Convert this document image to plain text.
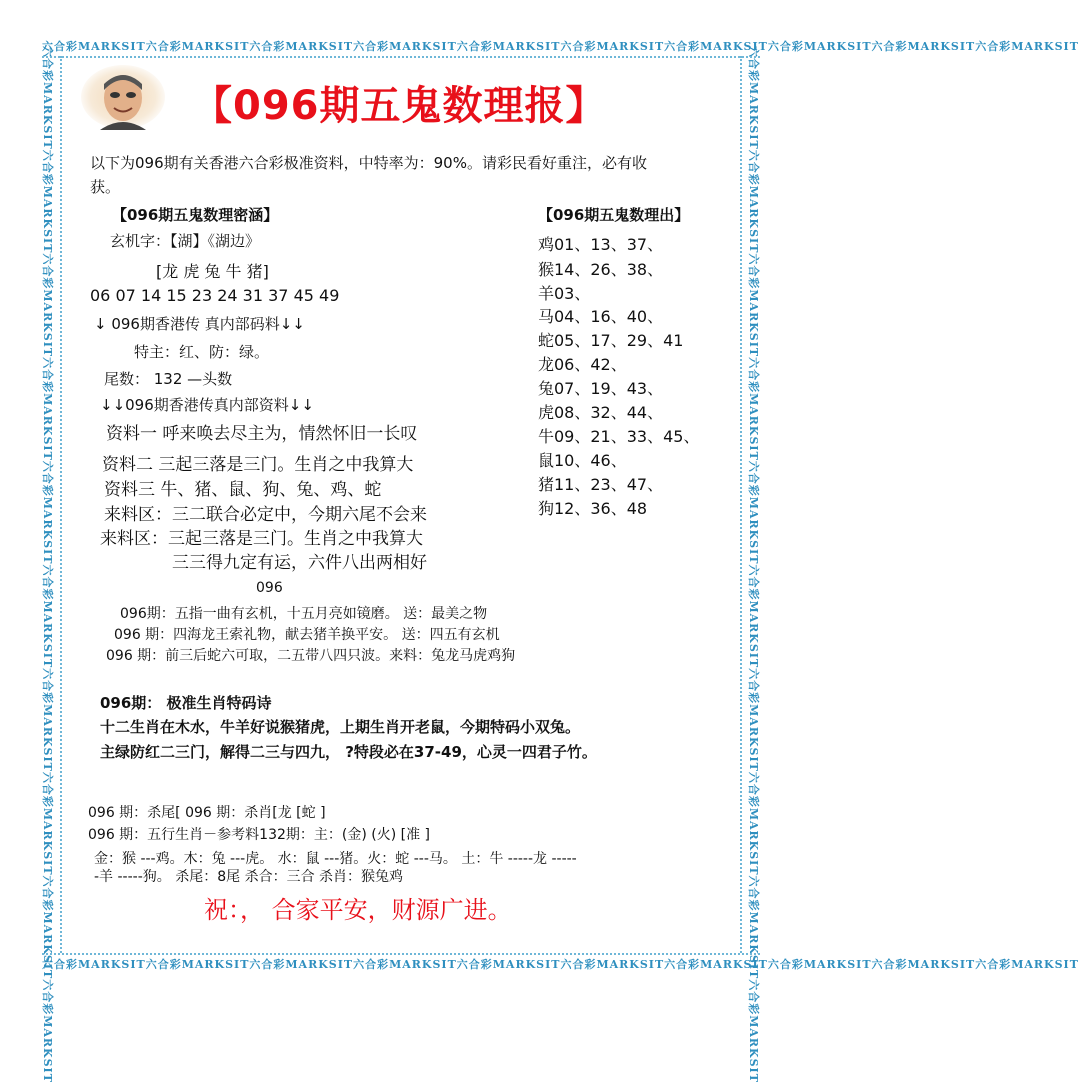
六合彩MARKSIT六合彩MARKSIT六合彩MARKSIT六合彩MARKSIT六合彩MARKSIT六合彩MARKSIT六合彩MARKSIT六合彩MARKSIT六合彩MARKSIT六合彩MARKSIT
六合彩MARKSIT六合彩MARKSIT六合彩MARKSIT六合彩MARKSIT六合彩MARKSIT六合彩MARKSIT六合彩MARKSIT六合彩MARKSIT六合彩MARKSIT六合彩MARKSIT
六合彩MARKSIT六合彩MARKSIT六合彩MARKSIT六合彩MARKSIT六合彩MARKSIT六合彩MARKSIT六合彩MARKSIT六合彩MARKSIT六合彩MARKSIT六合彩MARKSIT	六合彩MARKSIT六合彩MARKSIT六合彩MARKSIT六合彩MARKSIT六合彩MARKSIT六合彩MARKSIT六合彩MARKSIT六合彩MARKSIT六合彩MARKSIT六合彩MARKSIT
【096期五鬼数理报】
以下为096期有关香港六合彩极准资料，中特率为：90%。请彩民看好重注，必有收
获。
【096期五鬼数理密涵】
玄机字：【湖】《湖边》
[龙 虎 兔 牛 猪]
06 07 14 15 23 24 31 37 45 49
↓ 096期香港传 真内部码料↓↓
特主：红、防：绿。
尾数： 132 —头数
↓↓096期香港传真内部资料↓↓
资料一 呼来唤去尽主为，情然怀旧一长叹
资料二 三起三落是三门。生肖之中我算大
资料三 牛、猪、鼠、狗、兔、鸡、蛇
来料区：三二联合必定中，今期六尾不会来
来料区：三起三落是三门。生肖之中我算大
三三得九定有运，六件八出两相好
【096期五鬼数理出】
鸡01、13、37、
猴14、26、38、
羊03、
马04、16、40、
蛇05、17、29、41
龙06、42、
兔07、19、43、
虎08、32、44、
牛09、21、33、45、
鼠10、46、
猪11、23、47、
狗12、36、48
096
096期：五指一曲有玄机，十五月亮如镜磨。 送：最美之物
096 期：四海龙王索礼物，献去猪羊换平安。 送：四五有玄机
096 期：前三后蛇六可取，二五带八四只波。来料：兔龙马虎鸡狗
096期： 极准生肖特码诗
十二生肖在木水，牛羊好说猴猪虎，上期生肖开老鼠，今期特码小双兔。
主绿防红二三门，解得二三与四九， ?特段必在37-49，心灵一四君子竹。
096 期：杀尾[ 096 期：杀肖[龙 [蛇 ]
096 期：五行生肖－参考料132期：主：(金) (火) [准 ]
金：猴 ---鸡。木：兔 ---虎。 水：鼠 ---猪。火：蛇 ---马。 土：牛 -----龙 -----
-羊 -----狗。 杀尾：8尾 杀合：三合 杀肖：猴兔鸡
祝：， 合家平安，财源广进。
